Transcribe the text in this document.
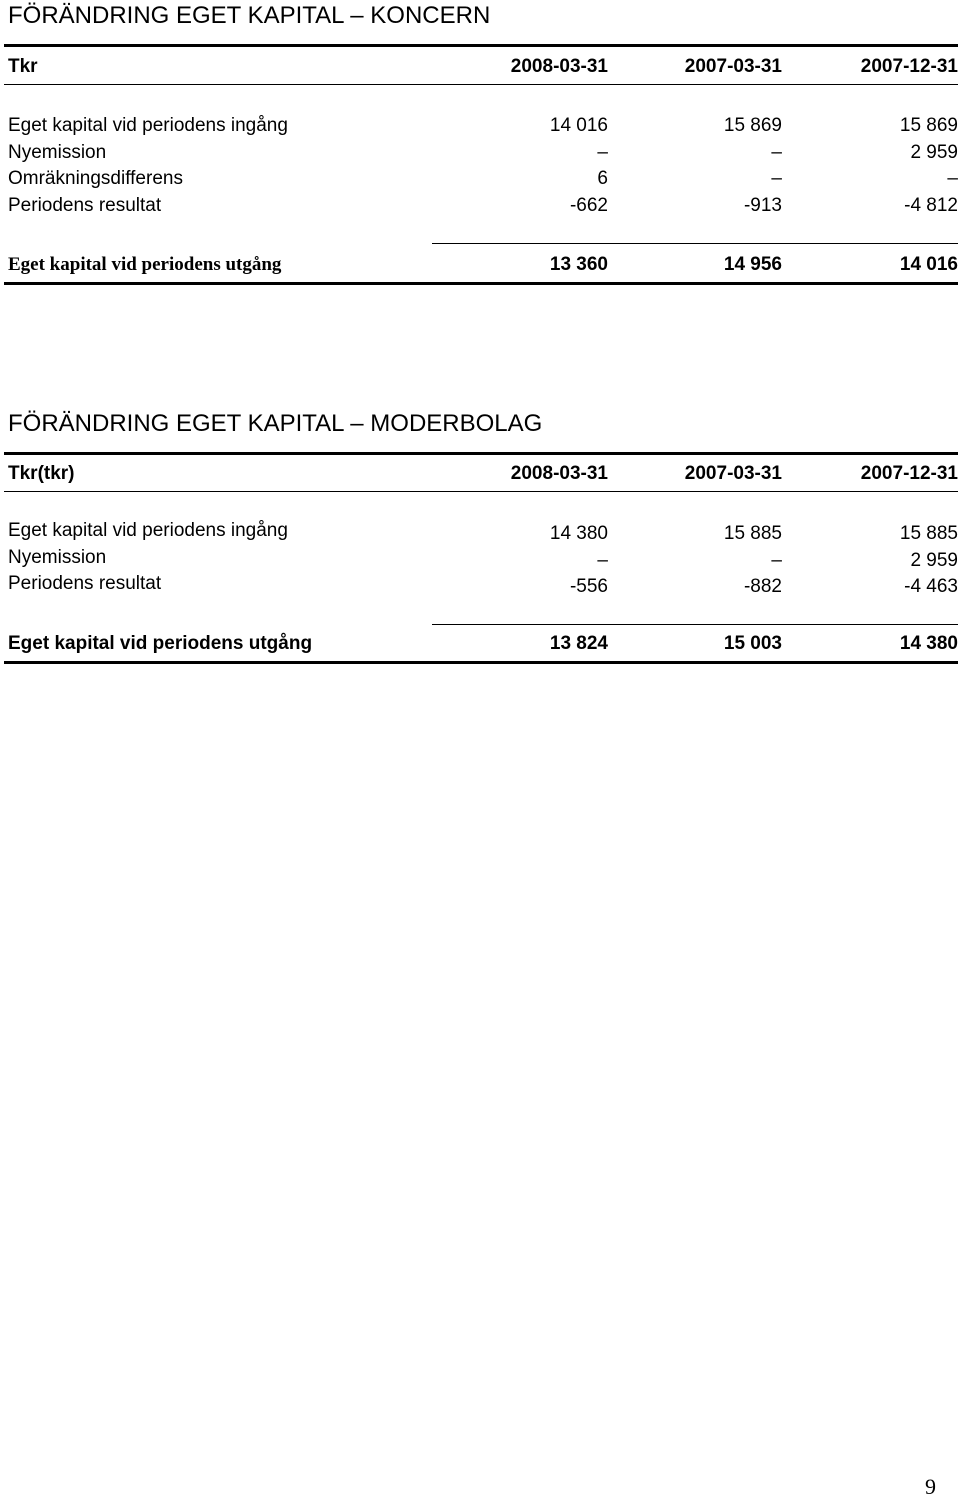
FÖRÄNDRING EGET KAPITAL – KONCERN
Tkr	2008-03-31	2007-03-31	2007-12-31
Eget kapital vid periodens ingång	14 016	15 869	15 869
Nyemission	–	–	2 959
Omräkningsdifferens	6	–	–
Periodens resultat	-662	-913	-4 812
Eget kapital vid periodens utgång	13 360	14 956	14 016
FÖRÄNDRING EGET KAPITAL – MODERBOLAG
Tkr(tkr)	2008-03-31	2007-03-31	2007-12-31
Eget kapital vid periodens ingång	14 380	15 885	15 885
Nyemission	–	–	2 959
Periodens resultat	-556	-882	-4 463
Eget kapital vid periodens utgång	13 824	15 003	14 380
9
